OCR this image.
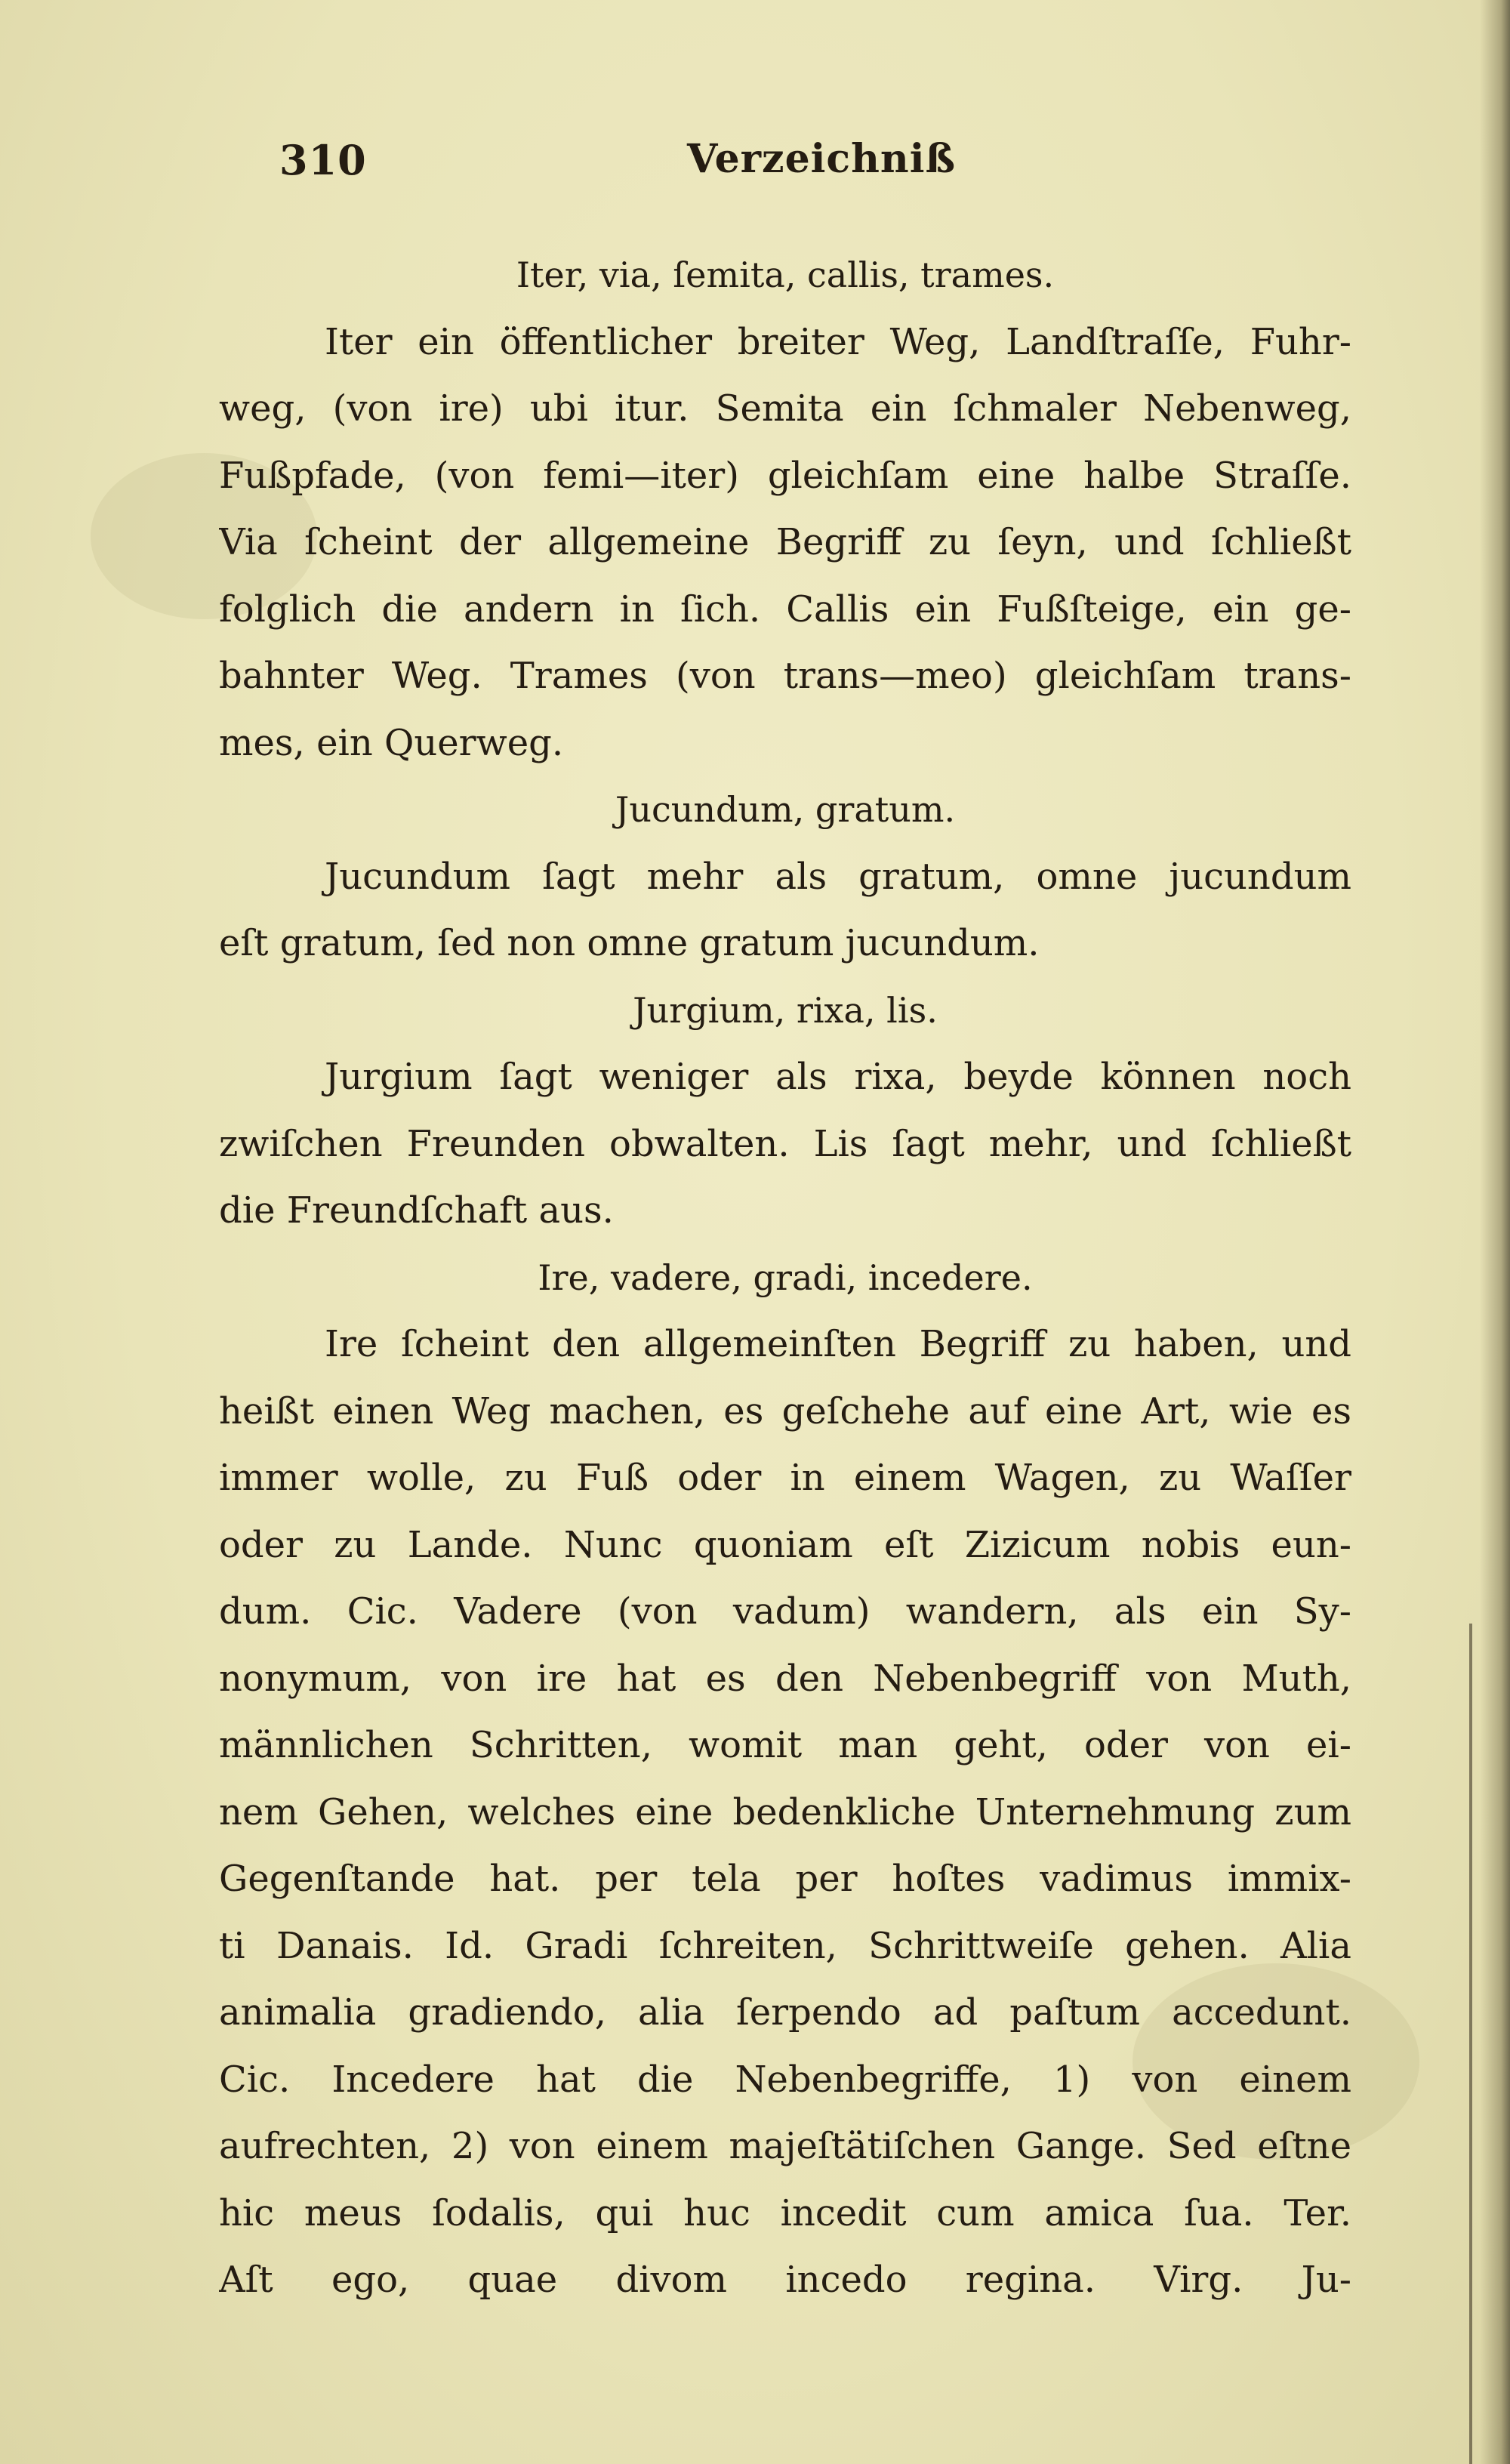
310	Verzeichniß
Iter, via, ſemita, callis, trames.
Iter ein öffentlicher breiter Weg, Landſtraſſe, Fuhr-
weg, (von ire) ubi itur. Semita ein ſchmaler Nebenweg,
Fußpfade, (von femi—iter) gleichſam eine halbe Straſſe.
Via ſcheint der allgemeine Begriff zu ſeyn, und ſchließt
folglich die andern in ſich. Callis ein Fußſteige, ein ge-
bahnter Weg. Trames (von trans—meo) gleichſam trans-
mes, ein Querweg.
Jucundum, gratum.
Jucundum ſagt mehr als gratum, omne jucundum
eſt gratum, ſed non omne gratum jucundum.
Jurgium, rixa, lis.
Jurgium ſagt weniger als rixa, beyde können noch
zwiſchen Freunden obwalten. Lis ſagt mehr, und ſchließt
die Freundſchaft aus.
Ire, vadere, gradi, incedere.
Ire ſcheint den allgemeinſten Begriff zu haben, und
heißt einen Weg machen, es geſchehe auf eine Art, wie es
immer wolle, zu Fuß oder in einem Wagen, zu Waſſer
oder zu Lande. Nunc quoniam eſt Zizicum nobis eun-
dum. Cic. Vadere (von vadum) wandern, als ein Sy-
nonymum, von ire hat es den Nebenbegriff von Muth,
männlichen Schritten, womit man geht, oder von ei-
nem Gehen, welches eine bedenkliche Unternehmung zum
Gegenſtande hat. per tela per hoſtes vadimus immix-
ti Danais. Id. Gradi ſchreiten, Schrittweiſe gehen. Alia
animalia gradiendo, alia ſerpendo ad paſtum accedunt.
Cic. Incedere hat die Nebenbegriffe, 1) von einem
aufrechten, 2) von einem majeſtätiſchen Gange. Sed eſtne
hic meus ſodalis, qui huc incedit cum amica ſua. Ter.
Aſt ego, quae divom incedo regina. Virg. Ju-
